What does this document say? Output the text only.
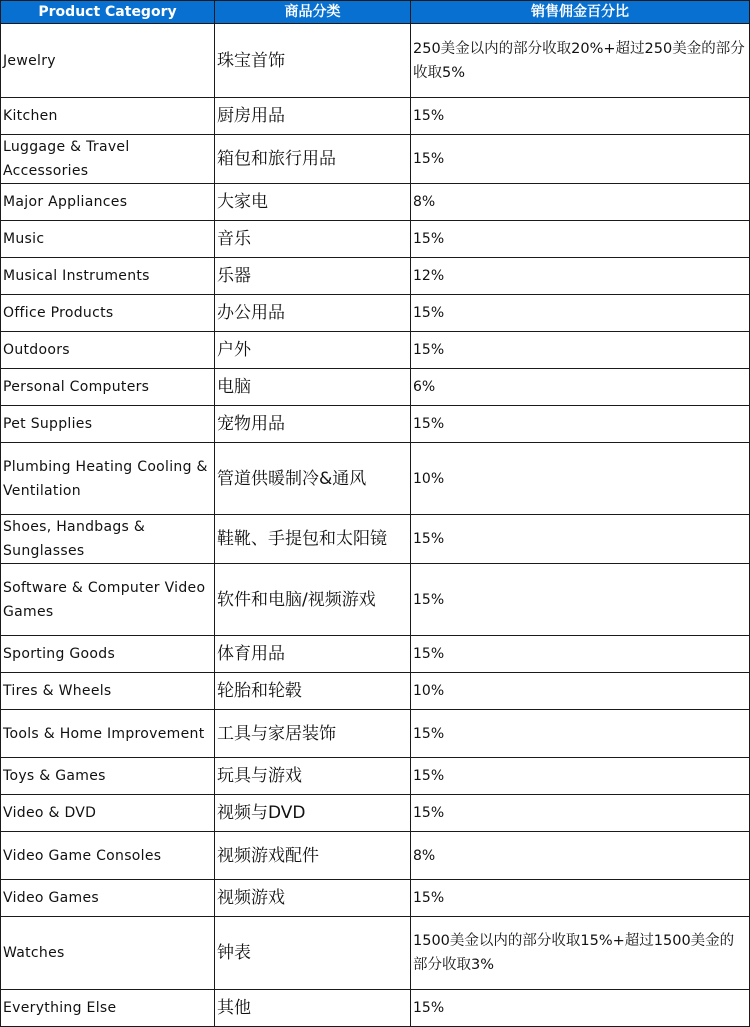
Product Category	商品分类	销售佣金百分比
Jewelry	珠宝首饰	250美金以内的部分收取20%+超过250美金的部分收取5%
Kitchen	厨房用品	15%
Luggage & Travel Accessories	箱包和旅行用品	15%
Major Appliances	大家电	8%
Music	音乐	15%
Musical Instruments	乐器	12%
Office Products	办公用品	15%
Outdoors	户外	15%
Personal Computers	电脑	6%
Pet Supplies	宠物用品	15%
Plumbing Heating Cooling & Ventilation	管道供暖制冷&通风	10%
Shoes, Handbags & Sunglasses	鞋靴、手提包和太阳镜	15%
Software & Computer Video Games	软件和电脑/视频游戏	15%
Sporting Goods	体育用品	15%
Tires & Wheels	轮胎和轮毂	10%
Tools & Home Improvement	工具与家居装饰	15%
Toys & Games	玩具与游戏	15%
Video & DVD	视频与DVD	15%
Video Game Consoles	视频游戏配件	8%
Video Games	视频游戏	15%
Watches	钟表	1500美金以内的部分收取15%+超过1500美金的部分收取3%
Everything Else	其他	15%
